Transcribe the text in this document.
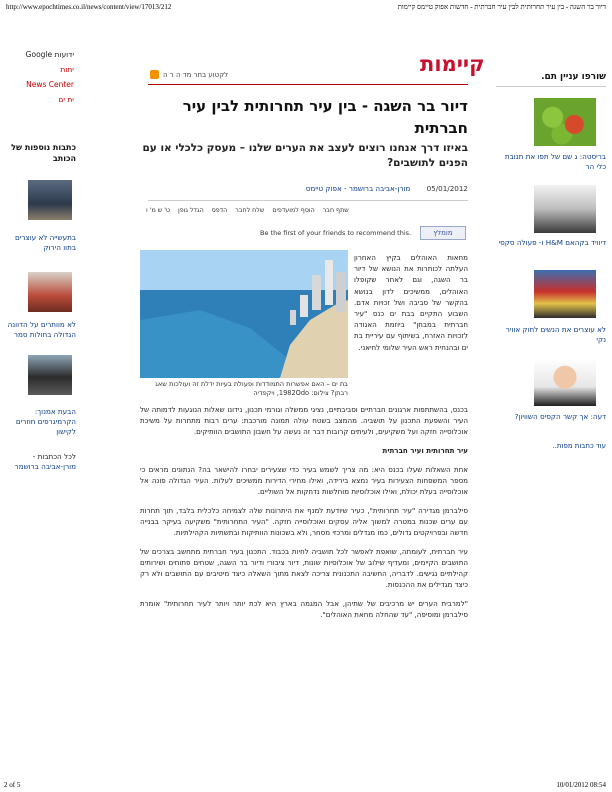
http://www.epochtimes.co.il/news/content/view/17013/212	דיור בר השגה - בין עיר תחרותית לבין עיר חברתית - חדשות אפוק טיימס קיימות
ידועות Google
יתות
News Center
ית ים
כתבות נוספות של הכותב
בתעשייה לא עוצרים בתוו הירוק
לא מוותרים על הדוונה הגדולה בחולות סמר
הבעת אמנוך: הקרמיגרפים חוזרים לקישון
לכל הכתבות -
מורן-אביבה ברושמר
קיימות
לקטוע בחר מד ה ר ה
דיור בר השגה - בין עיר תחרותית לבין עיר חברתית
באיזו דרך אנחנו רוצים לעצב את הערים שלנו – מעסק כלכלי או עם הפנים לתושבים?
05/01/2012 מורן-אביבה ברושמר - אפוק טיימס
ט' ש מ' ו הגדל גופן הדפס שלח לחבר הוסף למועדפים שתף חבר
Be the first of your friends to recommend this.	מומלץ
בת ים – האם אפשרות התמודדות ופעולת בעיות ידלת זה ועולכות שאג רבתן? צילום: 1982Odo, ויקפדיה
מחאות האוהלים בקיץ האחרון העלתה לכותרות את הנושא של דיור בר השגה, וגם לאחר שקופלו האוהלים, ממשיכים לדון בנושא בהקשר של סביבה ושל זכויות אדם. השבוע התקיים בבת ים כנס "עיר חברתית במבחן" ביוזמת האגודה לזכויות האזרח, בשיתוף עם עיריית בת ים ובהנחית ראש העיר שלומי לחיאני.

בכנס, בהשתתפות ארגונים חברתיים וסביבתיים, נציגי ממשלה וגורמי תכנון, נידונו שאלות הנוגעות לדמותה של העיר והשפעת התכנון על תושביה. מהמצב בשטח עולה תמונה מורכבת: ערים רבות מתחרות על משיכת אוכלוסייה חזקה ועל משקיעים, ולעיתים קרובות דבר זה נעשה על חשבון התושבים הוותיקים.

עיר תחרותית ועיר חברתית

אחת השאלות שעלו בכנס היא: מה צריך לשמש בעיר כדי שצעירים יבחרו להישאר בה? הנתונים מראים כי מספר המשפחות הצעירות בעיר נמצא בירידה, ואילו מחירי הדירות ממשיכים לעלות. העיר הגדולה פונה אל אוכלוסייה בעלת יכולת, ואילו אוכלוסיות מוחלשות נדחקות אל השוליים.

סילברמן מגדירה "עיר תחרותית", כעיר שיודעת למנף את היתרונות שלה לצמיחה כלכלית בלבד, תוך תחרות עם ערים שכנות במטרה למשוך אליה עסקים ואוכלוסייה חזקה. "העיר התחרותית" משקיעה בעיקר בבנייה חדשה ובפרויקטים גדולים, כמו מגדלים ומרכזי מסחר, ולא בשכונות הוותיקות ובתשתיות הקהילתיות.

עיר חברתית, לעומתה, שואפת לאפשר לכל תושביה לחיות בכבוד. התכנון בעיר חברתית מתחשב בצרכים של התושבים הקיימים, ומעדיף שילוב של אוכלוסיות שונות, דיור ציבורי ודיור בר השגה, שטחים פתוחים ושירותים קהילתיים נגישים. לדבריה, החשיבה התכנונית צריכה לצאת מתוך השאלה כיצד מיטיבים עם התושבים ולא רק כיצד מגדילים את ההכנסות.

"למרבית הערים יש מרכיבים של שתיהן, אבל המגמה בארץ היא לכת יותר ויותר לעיר תחרותית" אומרת סילברמן ומוסיפה, "עד שהחלה מחאת האוהלים".

שורפו עניין תם.
בריסטה: ג שם של תפו את תנובת כלי הר
דיוויד בקהאם H&M ו- פעולה סקסי
לא עוצרים את הנשים לחוק אוויר נקי
דעה: אך קשר הקסיס השוויון?
עוד כתבות מפות..
2 of 5	10/01/2012 08:54
